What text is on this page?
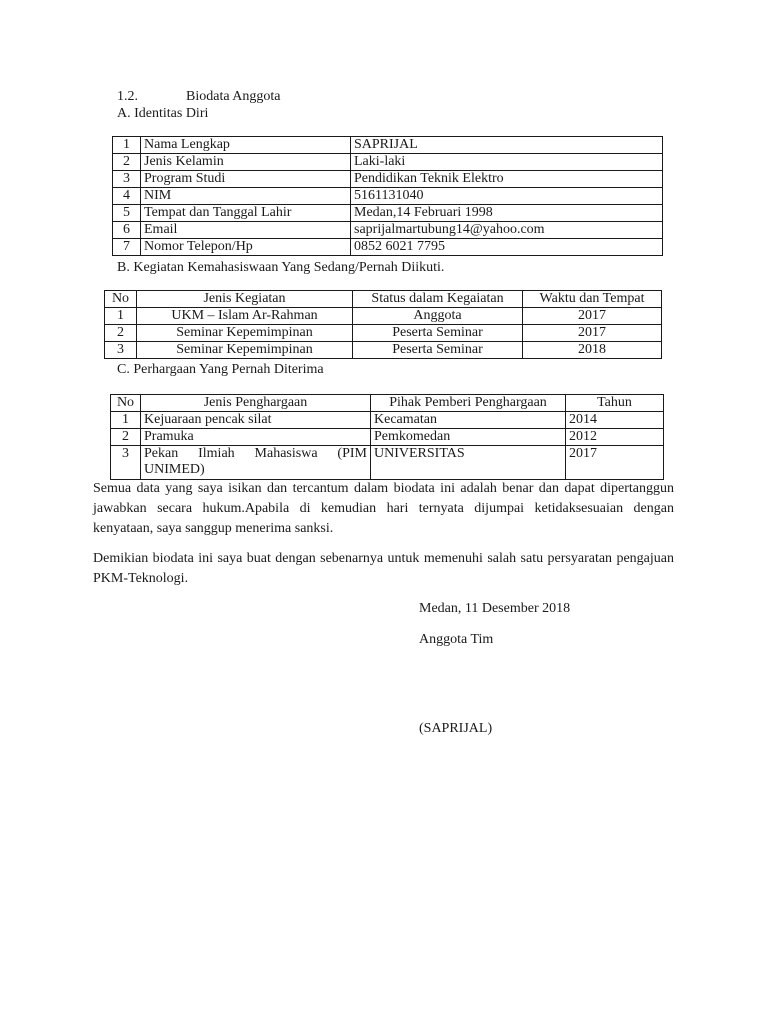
1.2.	Biodata Anggota
A. Identitas Diri
1	Nama Lengkap	SAPRIJAL
2	Jenis Kelamin	Laki-laki
3	Program Studi	Pendidikan Teknik Elektro
4	NIM	5161131040
5	Tempat dan Tanggal Lahir	Medan,14 Februari 1998
6	Email	saprijalmartubung14@yahoo.com
7	Nomor Telepon/Hp	0852 6021 7795
B. Kegiatan Kemahasiswaan Yang Sedang/Pernah Diikuti.
No	Jenis Kegiatan	Status dalam Kegaiatan	Waktu dan Tempat
1	UKM – Islam Ar-Rahman	Anggota	2017
2	Seminar Kepemimpinan	Peserta Seminar	2017
3	Seminar Kepemimpinan	Peserta Seminar	2018
C. Perhargaan Yang Pernah Diterima
No	Jenis Penghargaan	Pihak Pemberi Penghargaan	Tahun
1	Kejuaraan pencak silat	Kecamatan	2014
2	Pramuka	Pemkomedan	2012
3	Pekan Ilmiah Mahasiswa (PIM UNIMED)	UNIVERSITAS	2017
Semua data yang saya isikan dan tercantum dalam biodata ini adalah benar dan dapat dipertanggun jawabkan secara hukum.Apabila di kemudian hari ternyata dijumpai ketidaksesuaian dengan kenyataan, saya sanggup menerima sanksi.
Demikian biodata ini saya buat dengan sebenarnya untuk memenuhi salah satu persyaratan pengajuan PKM-Teknologi.
Medan, 11 Desember 2018
Anggota Tim
(SAPRIJAL)
